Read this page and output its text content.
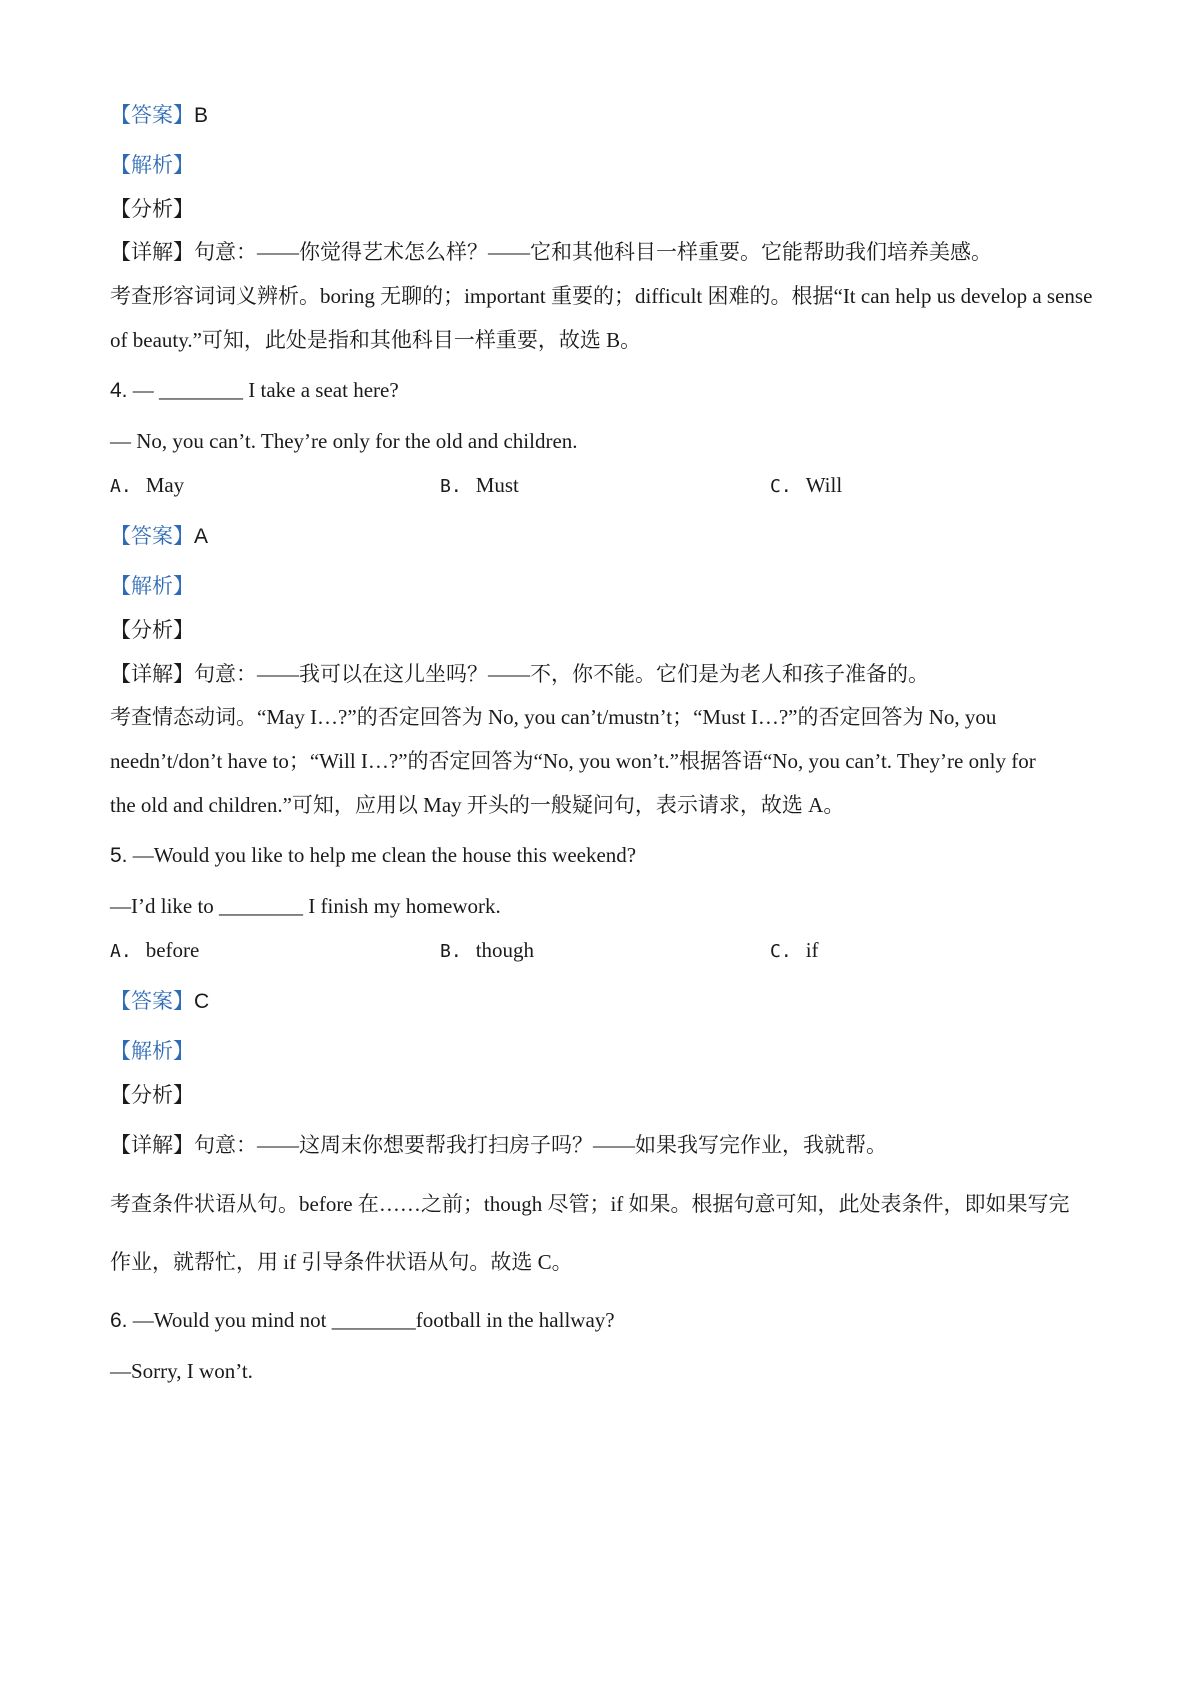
【答案】B
【解析】
【分析】
【详解】句意：——你觉得艺术怎么样？——它和其他科目一样重要。它能帮助我们培养美感。
考查形容词词义辨析。boring 无聊的；important 重要的；difficult 困难的。根据“It can help us develop a sense
of beauty.”可知，此处是指和其他科目一样重要，故选 B。
4. — ________ I take a seat here?
— No, you can’t. They’re only for the old and children.
A. May	B. Must	C. Will
【答案】A
【解析】
【分析】
【详解】句意：——我可以在这儿坐吗？——不，你不能。它们是为老人和孩子准备的。
考查情态动词。“May I…?”的否定回答为 No, you can’t/mustn’t；“Must I…?”的否定回答为 No, you
needn’t/don’t have to；“Will I…?”的否定回答为“No, you won’t.”根据答语“No, you can’t. They’re only for
the old and children.”可知，应用以 May 开头的一般疑问句，表示请求，故选 A。
5. —Would you like to help me clean the house this weekend?
—I’d like to ________ I finish my homework.
A. before	B. though	C. if
【答案】C
【解析】
【分析】
【详解】句意：——这周末你想要帮我打扫房子吗？——如果我写完作业，我就帮。
考查条件状语从句。before 在……之前；though 尽管；if 如果。根据句意可知，此处表条件，即如果写完
作业，就帮忙，用 if 引导条件状语从句。故选 C。
6. —Would you mind not ________football in the hallway?
—Sorry, I won’t.
